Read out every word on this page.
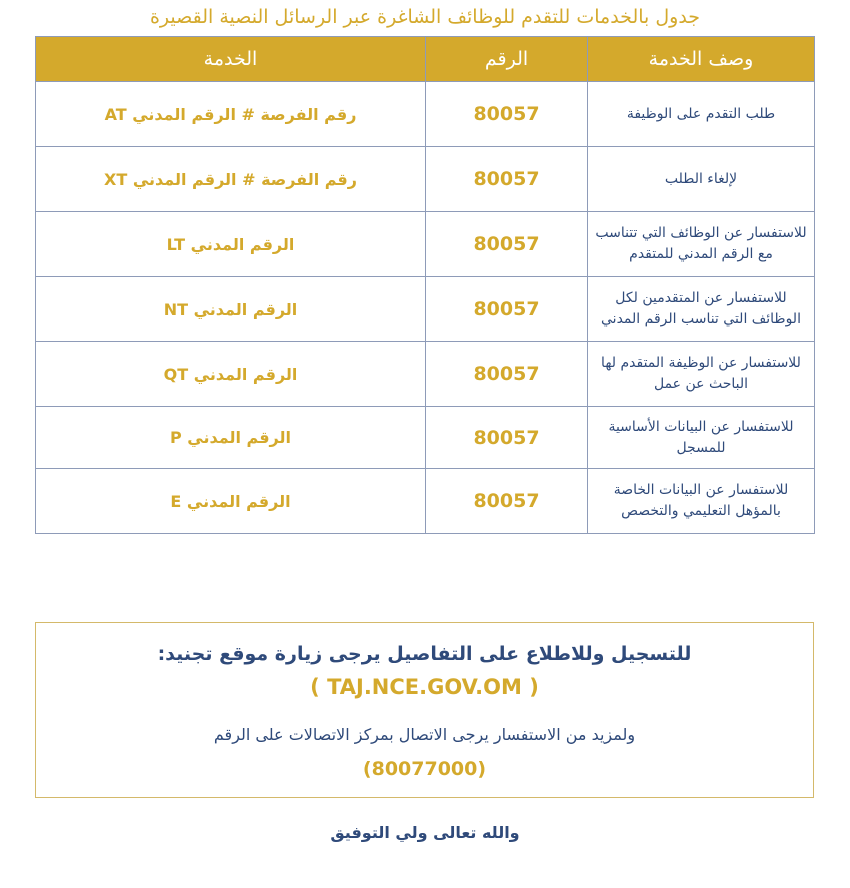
جدول بالخدمات للتقدم للوظائف الشاغرة عبر الرسائل النصية القصيرة
وصف الخدمة	الرقم	الخدمة
طلب التقدم على الوظيفة	80057	رقم الفرصة # الرقم المدني AT
لإلغاء الطلب	80057	رقم الفرصة # الرقم المدني XT
للاستفسار عن الوظائف التي تتناسب مع الرقم المدني للمتقدم	80057	الرقم المدني LT
للاستفسار عن المتقدمين لكل الوظائف التي تناسب الرقم المدني	80057	الرقم المدني NT
للاستفسار عن الوظيفة المتقدم لها الباحث عن عمل	80057	الرقم المدني QT
للاستفسار عن البيانات الأساسية للمسجل	80057	الرقم المدني P
للاستفسار عن البيانات الخاصة بالمؤهل التعليمي والتخصص	80057	الرقم المدني E
للتسجيل وللاطلاع على التفاصيل يرجى زيارة موقع تجنيد:
( TAJ.NCE.GOV.OM )
ولمزيد من الاستفسار يرجى الاتصال بمركز الاتصالات على الرقم
(80077000)
والله تعالى ولي التوفيق
